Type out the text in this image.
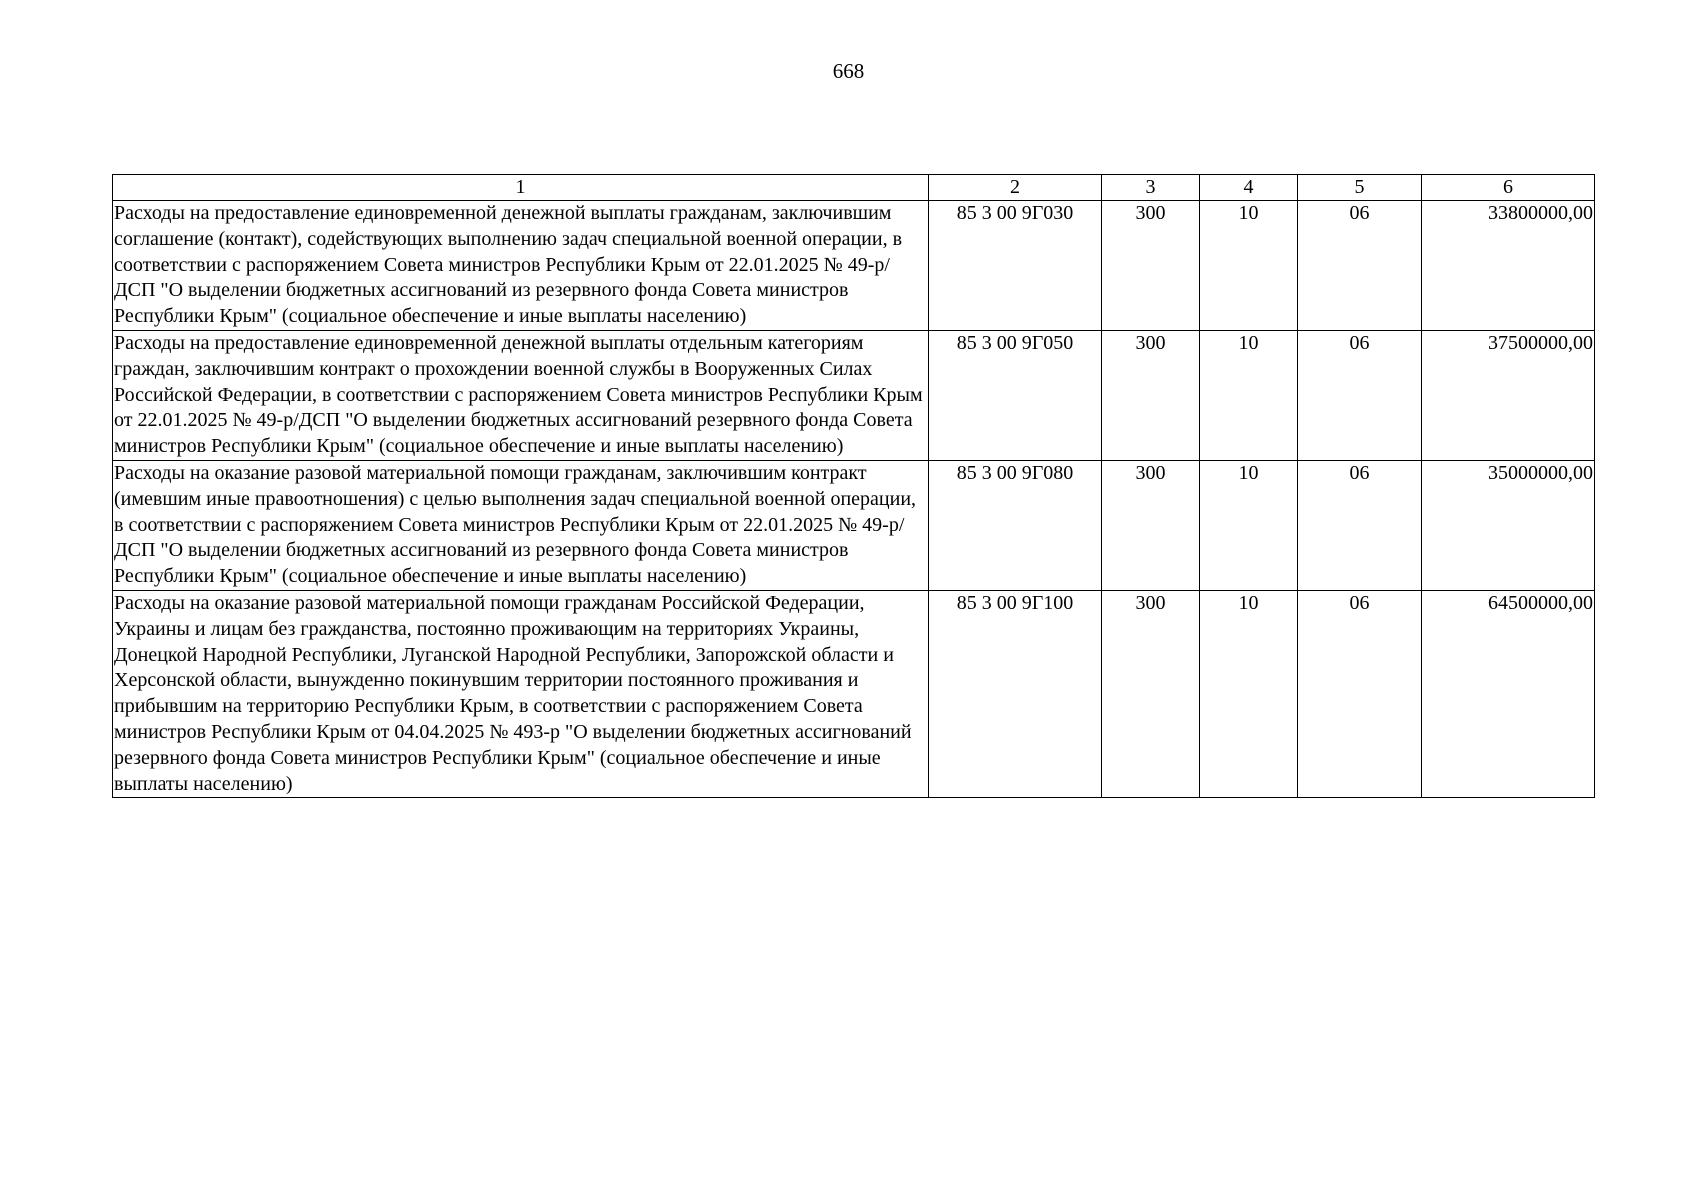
668
1	2	3	4	5	6
Расходы на предоставление единовременной денежной выплаты гражданам, заключившим соглашение (контакт), содействующих выполнению задач специальной военной операции, в соответствии с распоряжением Совета министров Республики Крым от 22.01.2025 № 49-р/ДСП "О выделении бюджетных ассигнований из резервного фонда Совета министров Республики Крым" (социальное обеспечение и иные выплаты населению)	85 3 00 9Г030	300	10	06	33800000,00
Расходы на предоставление единовременной денежной выплаты отдельным категориям граждан, заключившим контракт о прохождении военной службы в Вооруженных Силах Российской Федерации, в соответствии с распоряжением Совета министров Республики Крым от 22.01.2025 № 49-р/ДСП "О выделении бюджетных ассигнований резервного фонда Совета министров Республики Крым" (социальное обеспечение и иные выплаты населению)	85 3 00 9Г050	300	10	06	37500000,00
Расходы на оказание разовой материальной помощи гражданам, заключившим контракт (имевшим иные правоотношения) с целью выполнения задач специальной военной операции, в соответствии с распоряжением Совета министров Республики Крым от 22.01.2025 № 49-р/ДСП "О выделении бюджетных ассигнований из резервного фонда Совета министров Республики Крым" (социальное обеспечение и иные выплаты населению)	85 3 00 9Г080	300	10	06	35000000,00
Расходы на оказание разовой материальной помощи гражданам Российской Федерации, Украины и лицам без гражданства, постоянно проживающим на территориях Украины, Донецкой Народной Республики, Луганской Народной Республики, Запорожской области и Херсонской области, вынужденно покинувшим территории постоянного проживания и прибывшим на территорию Республики Крым, в соответствии с распоряжением Совета министров Республики Крым от 04.04.2025 № 493-р "О выделении бюджетных ассигнований резервного фонда Совета министров Республики Крым" (социальное обеспечение и иные выплаты населению)	85 3 00 9Г100	300	10	06	64500000,00
